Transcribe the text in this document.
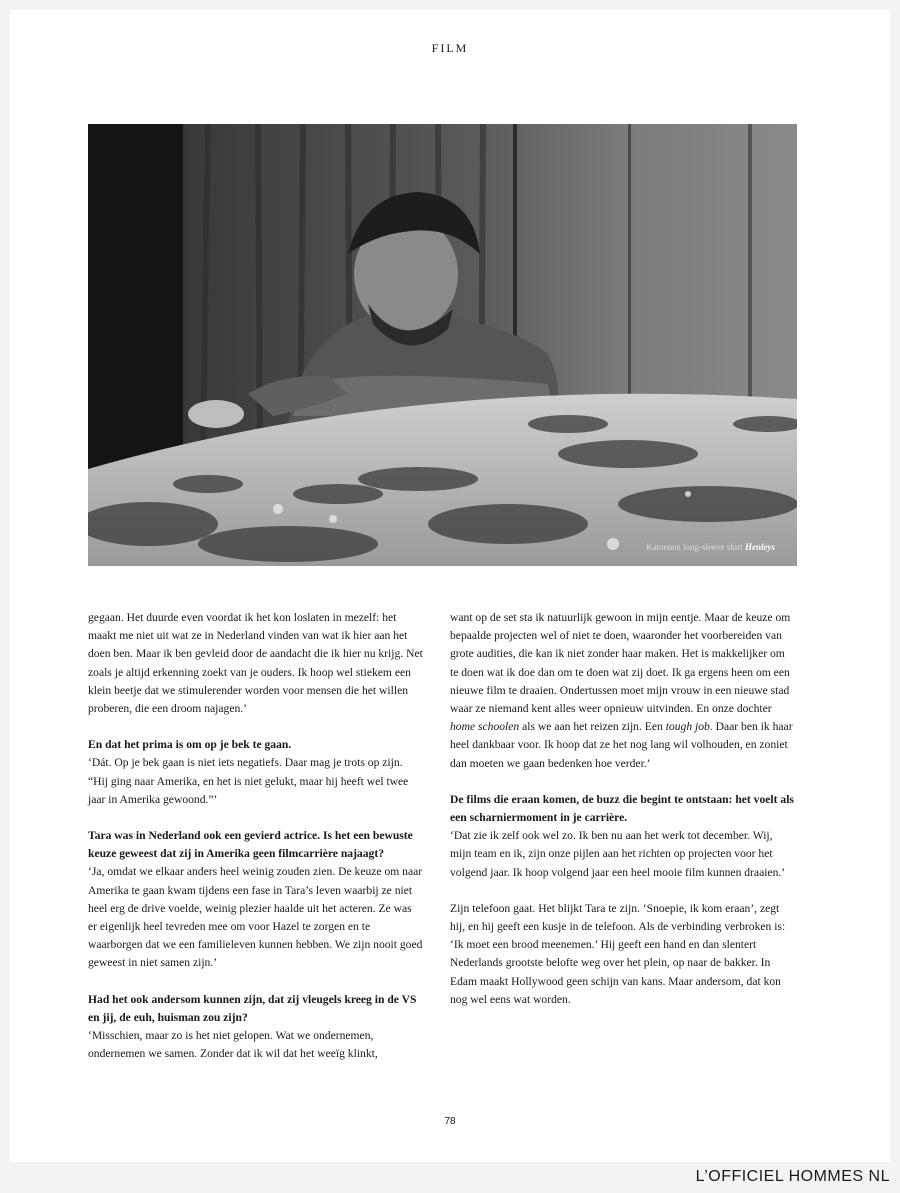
FILM
Katoenen long-sleeve shirt Henleys

gegaan. Het duurde even voordat ik het kon loslaten in mezelf: het maakt me niet uit wat ze in Nederland vinden van wat ik hier aan het doen ben. Maar ik ben gevleid door de aandacht die ik hier nu krijg. Net zoals je altijd erkenning zoekt van je ouders. Ik hoop wel stiekem een klein beetje dat we stimulerender worden voor mensen die het willen proberen, die een droom najagen.’

En dat het prima is om op je bek te gaan.

‘Dát. Op je bek gaan is niet iets negatiefs. Daar mag je trots op zijn. “Hij ging naar Amerika, en het is niet gelukt, maar hij heeft wel twee jaar in Amerika gewoond.”’

Tara was in Nederland ook een gevierd actrice. Is het een bewuste keuze geweest dat zij in Amerika geen filmcarrière najaagt?

‘Ja, omdat we elkaar anders heel weinig zouden zien. De keuze om naar Amerika te gaan kwam tijdens een fase in Tara’s leven waarbij ze niet heel erg de drive voelde, weinig plezier haalde uit het acteren. Ze was er eigenlijk heel tevreden mee om voor Hazel te zorgen en te waarborgen dat we een familieleven kunnen hebben. We zijn nooit goed geweest in niet samen zijn.’

Had het ook andersom kunnen zijn, dat zij vleugels kreeg in de VS en jij, de euh, huisman zou zijn?

‘Misschien, maar zo is het niet gelopen. Wat we ondernemen, ondernemen we samen. Zonder dat ik wil dat het weeïg klinkt,

want op de set sta ik natuurlijk gewoon in mijn eentje. Maar de keuze om bepaalde projecten wel of niet te doen, waaronder het voorbereiden van grote audities, die kan ik niet zonder haar maken. Het is makkelijker om te doen wat ik doe dan om te doen wat zij doet. Ik ga ergens heen om een nieuwe film te draaien. Ondertussen moet mijn vrouw in een nieuwe stad waar ze niemand kent alles weer opnieuw uitvinden. En onze dochter home schoolen als we aan het reizen zijn. Een tough job. Daar ben ik haar heel dankbaar voor. Ik hoop dat ze het nog lang wil volhouden, en zoniet dan moeten we gaan bedenken hoe verder.’

De films die eraan komen, de buzz die begint te ontstaan: het voelt als een scharniermoment in je carrière.

‘Dat zie ik zelf ook wel zo. Ik ben nu aan het werk tot december. Wij, mijn team en ik, zijn onze pijlen aan het richten op projecten voor het volgend jaar. Ik hoop volgend jaar een heel mooie film kunnen draaien.’

Zijn telefoon gaat. Het blijkt Tara te zijn. ‘Snoepie, ik kom eraan’, zegt hij, en hij geeft een kusje in de telefoon. Als de verbinding verbroken is: ‘Ik moet een brood meenemen.’ Hij geeft een hand en dan slentert Nederlands grootste belofte weg over het plein, op naar de bakker. In Edam maakt Hollywood geen schijn van kans. Maar andersom, dat kon nog wel eens wat worden.

78
L’OFFICIEL HOMMES NL
